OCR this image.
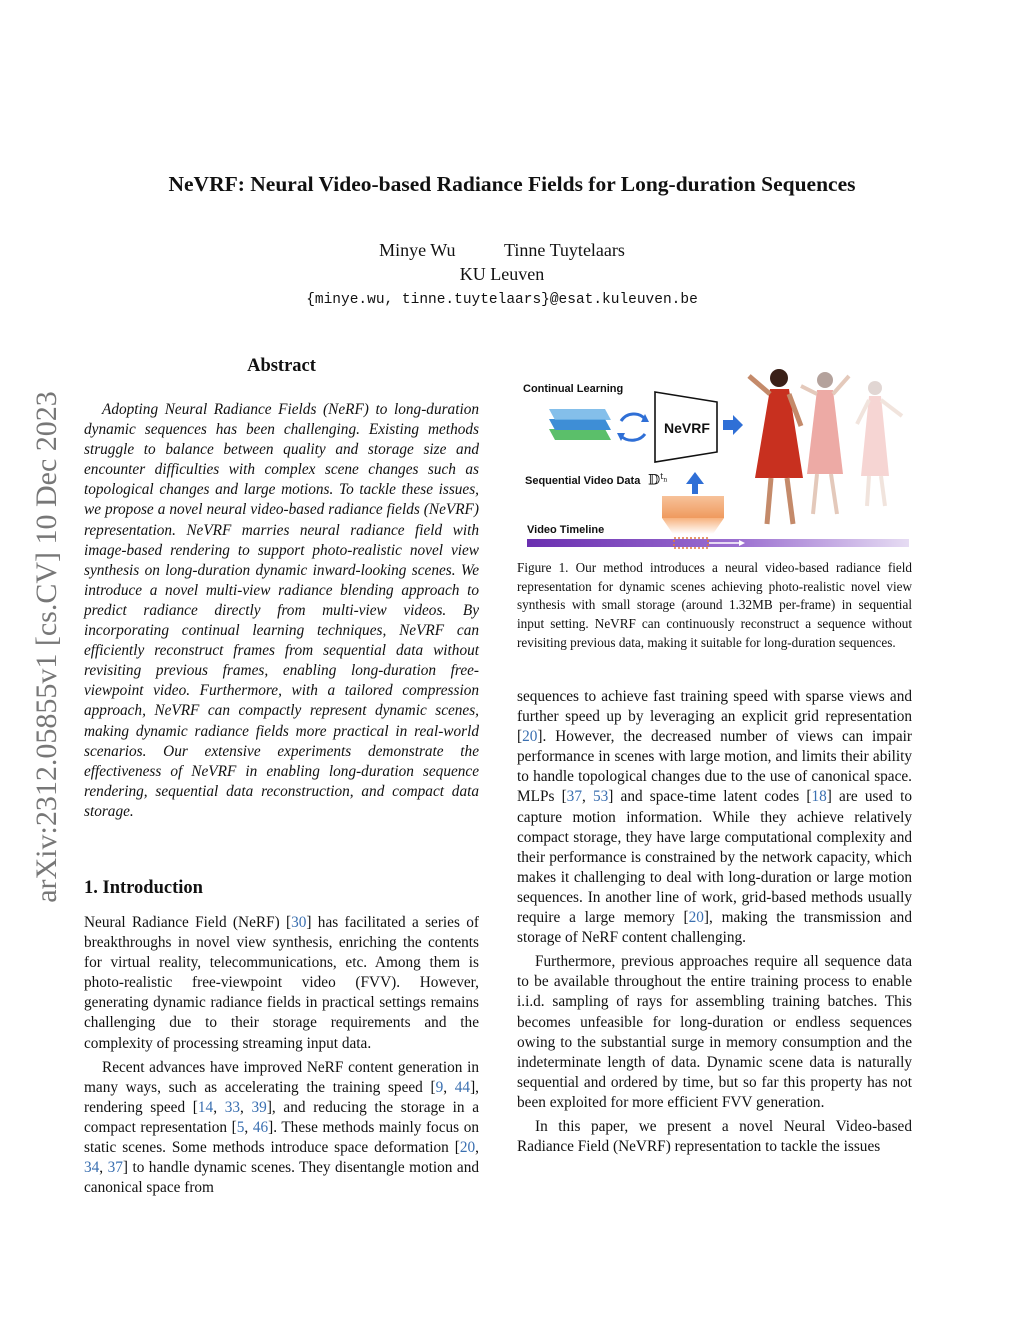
arXiv:2312.05855v1 [cs.CV] 10 Dec 2023
NeVRF: Neural Video-based Radiance Fields for Long-duration Sequences
Minye Wu	Tinne Tuytelaars
KU Leuven
{minye.wu, tinne.tuytelaars}@esat.kuleuven.be
Abstract

Adopting Neural Radiance Fields (NeRF) to long-duration dynamic sequences has been challenging. Existing methods struggle to balance between quality and storage size and encounter difficulties with complex scene changes such as topological changes and large motions. To tackle these issues, we propose a novel neural video-based radiance fields (NeVRF) representation. NeVRF marries neural radiance field with image-based rendering to support photo-realistic novel view synthesis on long-duration dynamic inward-looking scenes. We introduce a novel multi-view radiance blending approach to predict radiance directly from multi-view videos. By incorporating continual learning techniques, NeVRF can efficiently reconstruct frames from sequential data without revisiting previous frames, enabling long-duration free-viewpoint video. Furthermore, with a tailored compression approach, NeVRF can compactly represent dynamic scenes, making dynamic radiance fields more practical in real-world scenarios. Our extensive experiments demonstrate the effectiveness of NeVRF in enabling long-duration sequence rendering, sequential data reconstruction, and compact data storage.

1. Introduction

Neural Radiance Field (NeRF) [30] has facilitated a series of breakthroughs in novel view synthesis, enriching the contents for virtual reality, telecommunications, etc. Among them is photo-realistic free-viewpoint video (FVV). However, generating dynamic radiance fields in practical settings remains challenging due to their storage requirements and the complexity of processing streaming input data.

Recent advances have improved NeRF content generation in many ways, such as accelerating the training speed [9, 44], rendering speed [14, 33, 39], and reducing the storage in a compact representation [5, 46]. These methods mainly focus on static scenes. Some methods introduce space deformation [20, 34, 37] to handle dynamic scenes. They disentangle motion and canonical space from

Continual Learning
NeVRF
Sequential Video Data 𝔻$^{t_n}$
Video Timeline

Figure 1. Our method introduces a neural video-based radiance field representation for dynamic scenes achieving photo-realistic novel view synthesis with small storage (around 1.32MB per-frame) in sequential input setting. NeVRF can continuously reconstruct a sequence without revisiting previous data, making it suitable for long-duration sequences.

sequences to achieve fast training speed with sparse views and further speed up by leveraging an explicit grid representation [20]. However, the decreased number of views can impair performance in scenes with large motion, and limits their ability to handle topological changes due to the use of canonical space. MLPs [37, 53] and space-time latent codes [18] are used to capture motion information. While they achieve relatively compact storage, they have large computational complexity and their performance is constrained by the network capacity, which makes it challenging to deal with long-duration or large motion sequences. In another line of work, grid-based methods usually require a large memory [20], making the transmission and storage of NeRF content challenging.

Furthermore, previous approaches require all sequence data to be available throughout the entire training process to enable i.i.d. sampling of rays for assembling training batches. This becomes unfeasible for long-duration or endless sequences owing to the substantial surge in memory consumption and the indeterminate length of data. Dynamic scene data is naturally sequential and ordered by time, but so far this property has not been exploited for more efficient FVV generation.

In this paper, we present a novel Neural Video-based Radiance Field (NeVRF) representation to tackle the issues
